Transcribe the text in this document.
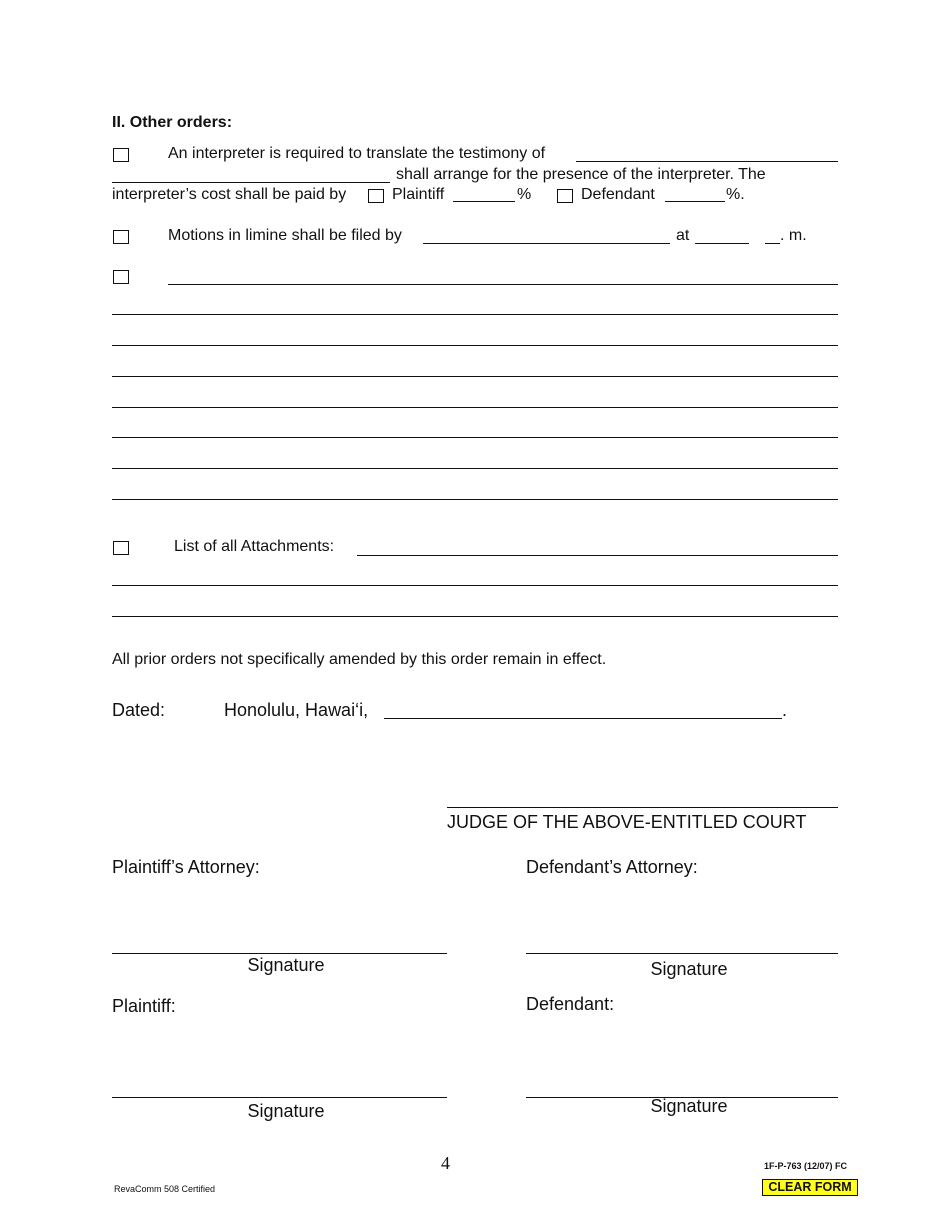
II. Other orders:
An interpreter is required to translate the testimony of
shall arrange for the presence of the interpreter. The
interpreter’s cost shall be paid by	Plaintiff	%	Defendant	%.
Motions in limine shall be filed by	at	. m.
List of all Attachments:
All prior orders not specifically amended by this order remain in effect.
Dated:	Honolulu, Hawai‘i,	.
JUDGE OF THE ABOVE-ENTITLED COURT
Plaintiff’s Attorney:	Defendant’s Attorney:
Signature	Signature
Plaintiff:	Defendant:
Signature	Signature
4	1F-P-763 (12/07) FC
RevaComm 508 Certified	CLEAR FORM
